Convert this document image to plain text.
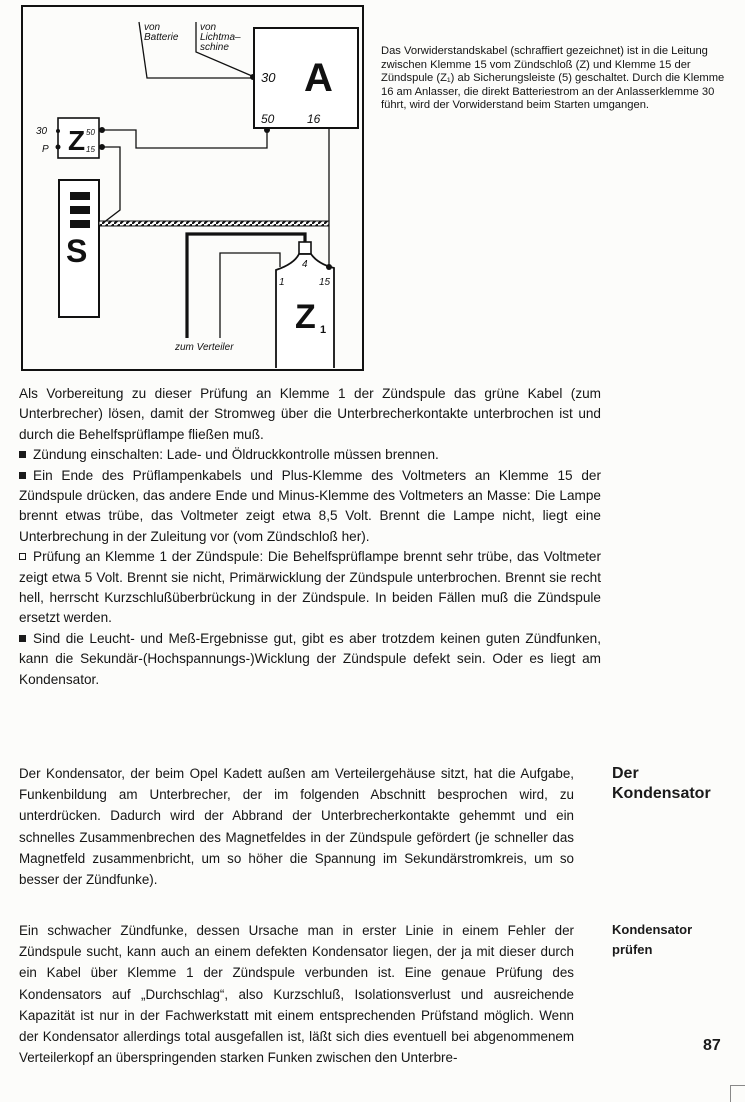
A
30
50	16
von
Batterie
von
Lichtma–
schine
Z
30
P
50
15
S	4
1	15
Z 1
zum Verteiler
Das Vorwiderstandskabel (schraffiert gezeichnet) ist in die Leitung zwischen Klemme 15 vom Zündschloß (Z) und Klemme 15 der Zündspule (Z₁) ab Sicherungsleiste (5) geschaltet. Durch die Klemme 16 am Anlasser, die direkt Batteriestrom an der Anlasserklemme 30 führt, wird der Vorwiderstand beim Starten umgangen.

Als Vorbereitung zu dieser Prüfung an Klemme 1 der Zündspule das grüne Kabel (zum Unterbrecher) lösen, damit der Stromweg über die Unterbrecherkontakte unterbrochen ist und durch die Behelfsprüflampe fließen muß.

Zündung einschalten: Lade- und Öldruckkontrolle müssen brennen.

Ein Ende des Prüflampenkabels und Plus-Klemme des Voltmeters an Klemme 15 der Zündspule drücken, das andere Ende und Minus-Klemme des Voltmeters an Masse: Die Lampe brennt etwas trübe, das Voltmeter zeigt etwa 8,5 Volt. Brennt die Lampe nicht, liegt eine Unterbrechung in der Zuleitung vor (vom Zündschloß her).

Prüfung an Klemme 1 der Zündspule: Die Behelfsprüflampe brennt sehr trübe, das Voltmeter zeigt etwa 5 Volt. Brennt sie nicht, Primärwicklung der Zündspule unterbrochen. Brennt sie recht hell, herrscht Kurzschlußüberbrückung in der Zündspule. In beiden Fällen muß die Zündspule ersetzt werden.

Sind die Leucht- und Meß-Ergebnisse gut, gibt es aber trotzdem keinen guten Zündfunken, kann die Sekundär-(Hochspannungs-)Wicklung der Zündspule defekt sein. Oder es liegt am Kondensator.

Der Kondensator, der beim Opel Kadett außen am Verteilergehäuse sitzt, hat die Aufgabe, Funkenbildung am Unterbrecher, der im folgenden Abschnitt besprochen wird, zu unterdrücken. Dadurch wird der Abbrand der Unterbrecherkontakte gehemmt und ein schnelles Zusammenbrechen des Magnetfeldes in der Zündspule gefördert (je schneller das Magnetfeld zusammenbricht, um so höher die Spannung im Sekundärstromkreis, um so besser der Zündfunke).

Der Kondensator

Ein schwacher Zündfunke, dessen Ursache man in erster Linie in einem Fehler der Zündspule sucht, kann auch an einem defekten Kondensator liegen, der ja mit dieser durch ein Kabel über Klemme 1 der Zündspule verbunden ist. Eine genaue Prüfung des Kondensators auf „Durchschlag“, also Kurzschluß, Isolationsverlust und ausreichende Kapazität ist nur in der Fachwerkstatt mit einem entsprechenden Prüfstand möglich. Wenn der Kondensator allerdings total ausgefallen ist, läßt sich dies eventuell bei abgenommenem Verteilerkopf an überspringenden starken Funken zwischen den Unterbre-

Kondensator
prüfen
87
